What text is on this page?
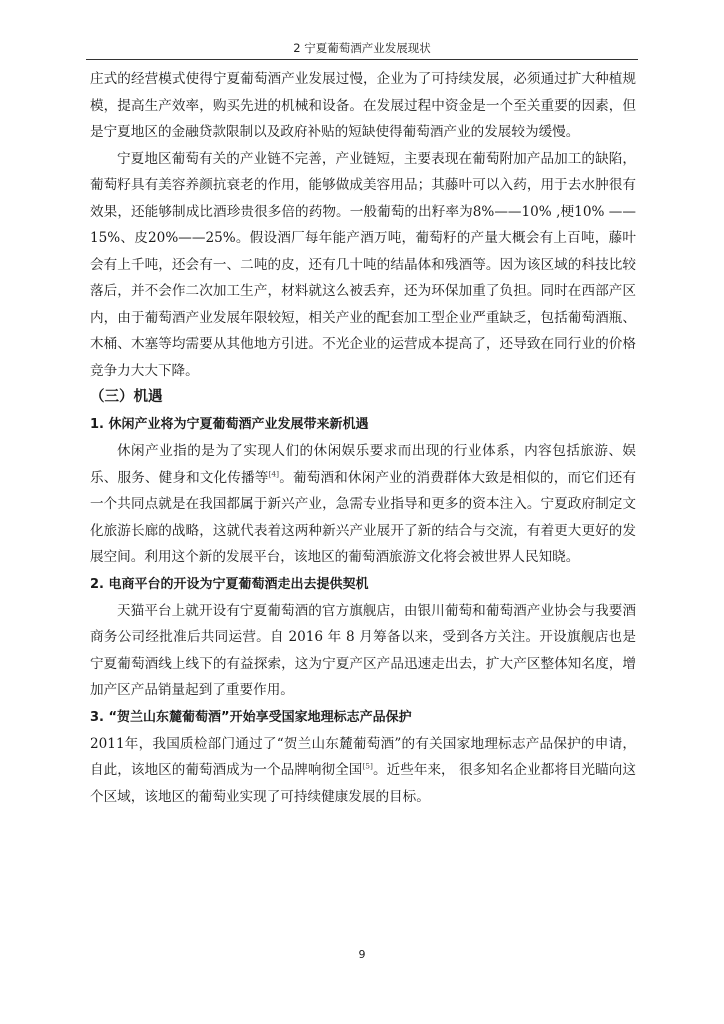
2 宁夏葡萄酒产业发展现状

庄式的经营模式使得宁夏葡萄酒产业发展过慢，企业为了可持续发展，必须通过扩大种植规模，提高生产效率，购买先进的机械和设备。在发展过程中资金是一个至关重要的因素，但是宁夏地区的金融贷款限制以及政府补贴的短缺使得葡萄酒产业的发展较为缓慢。

宁夏地区葡萄有关的产业链不完善，产业链短，主要表现在葡萄附加产品加工的缺陷，葡萄籽具有美容养颜抗衰老的作用，能够做成美容用品；其藤叶可以入药，用于去水肿很有效果，还能够制成比酒珍贵很多倍的药物。一般葡萄的出籽率为8%——10% ,梗10% ——15%、皮20%——25%。假设酒厂每年能产酒万吨，葡萄籽的产量大概会有上百吨，藤叶会有上千吨，还会有一、二吨的皮，还有几十吨的结晶体和残酒等。因为该区域的科技比较落后，并不会作二次加工生产，材料就这么被丢弃，还为环保加重了负担。同时在西部产区内，由于葡萄酒产业发展年限较短，相关产业的配套加工型企业严重缺乏，包括葡萄酒瓶、木桶、木塞等均需要从其他地方引进。不光企业的运营成本提高了，还导致在同行业的价格竞争力大大下降。

（三）机遇
1. 休闲产业将为宁夏葡萄酒产业发展带来新机遇

休闲产业指的是为了实现人们的休闲娱乐要求而出现的行业体系，内容包括旅游、娱乐、服务、健身和文化传播等[4]。葡萄酒和休闲产业的消费群体大致是相似的，而它们还有一个共同点就是在我国都属于新兴产业，急需专业指导和更多的资本注入。宁夏政府制定文化旅游长廊的战略，这就代表着这两种新兴产业展开了新的结合与交流，有着更大更好的发展空间。利用这个新的发展平台，该地区的葡萄酒旅游文化将会被世界人民知晓。

2. 电商平台的开设为宁夏葡萄酒走出去提供契机

天猫平台上就开设有宁夏葡萄酒的官方旗舰店，由银川葡萄和葡萄酒产业协会与我要酒商务公司经批准后共同运营。自 2016 年 8 月筹备以来，受到各方关注。开设旗舰店也是宁夏葡萄酒线上线下的有益探索，这为宁夏产区产品迅速走出去，扩大产区整体知名度，增加产区产品销量起到了重要作用。

3. “贺兰山东麓葡萄酒”开始享受国家地理标志产品保护

2011年，我国质检部门通过了“贺兰山东麓葡萄酒”的有关国家地理标志产品保护的申请，自此，该地区的葡萄酒成为一个品牌响彻全国[5]。近些年来， 很多知名企业都将目光瞄向这个区域，该地区的葡萄业实现了可持续健康发展的目标。

9
